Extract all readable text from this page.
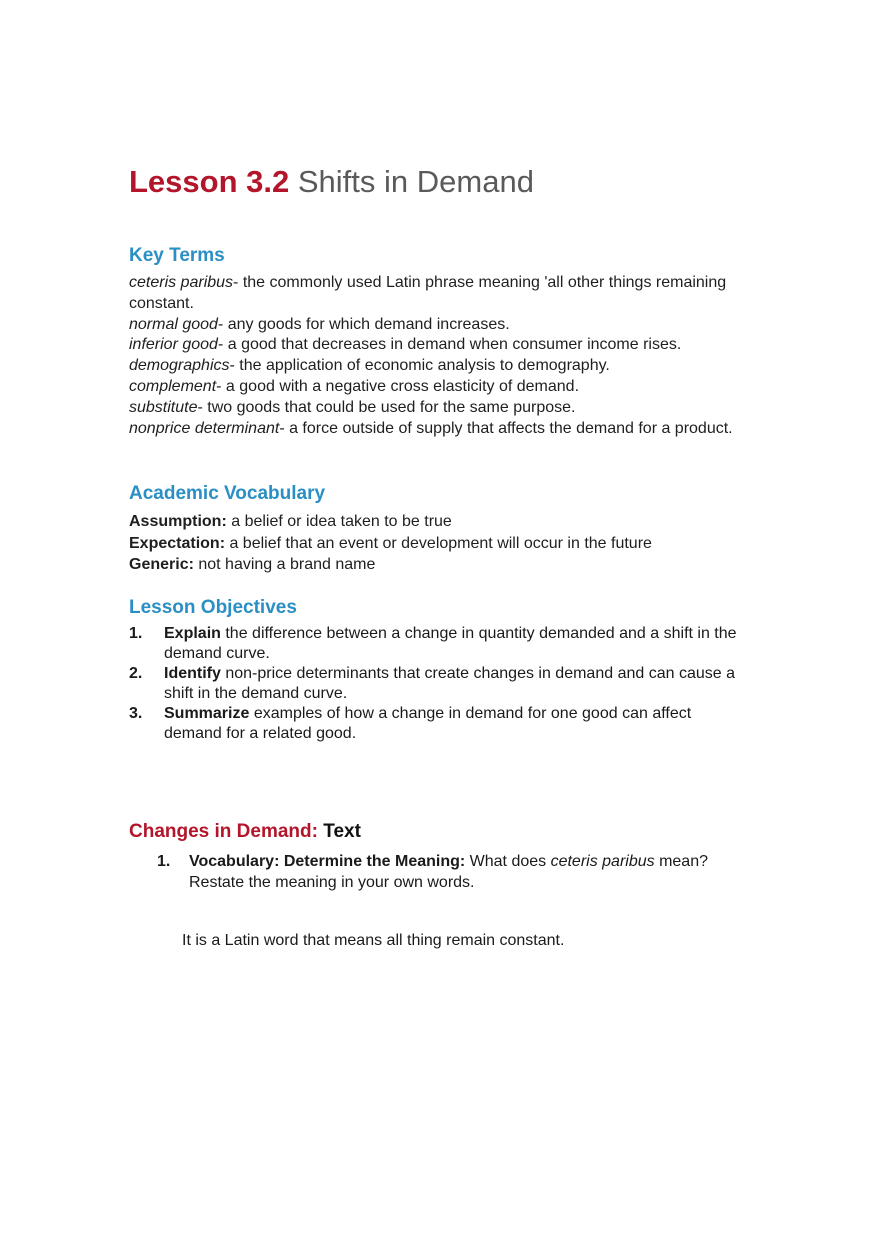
Lesson 3.2 Shifts in Demand
Key Terms
ceteris paribus- the commonly used Latin phrase meaning 'all other things remaining constant.
normal good- any goods for which demand increases.
inferior good- a good that decreases in demand when consumer income rises.
demographics- the application of economic analysis to demography.
complement- a good with a negative cross elasticity of demand.
substitute- two goods that could be used for the same purpose.
nonprice determinant- a force outside of supply that affects the demand for a product.
Academic Vocabulary
Assumption: a belief or idea taken to be true
Expectation: a belief that an event or development will occur in the future
Generic: not having a brand name
Lesson Objectives
1. Explain the difference between a change in quantity demanded and a shift in the demand curve.
2. Identify non-price determinants that create changes in demand and can cause a shift in the demand curve.
3. Summarize examples of how a change in demand for one good can affect demand for a related good.
Changes in Demand: Text
1.	Vocabulary: Determine the Meaning: What does ceteris paribus mean?
Restate the meaning in your own words.
It is a Latin word that means all thing remain constant.
